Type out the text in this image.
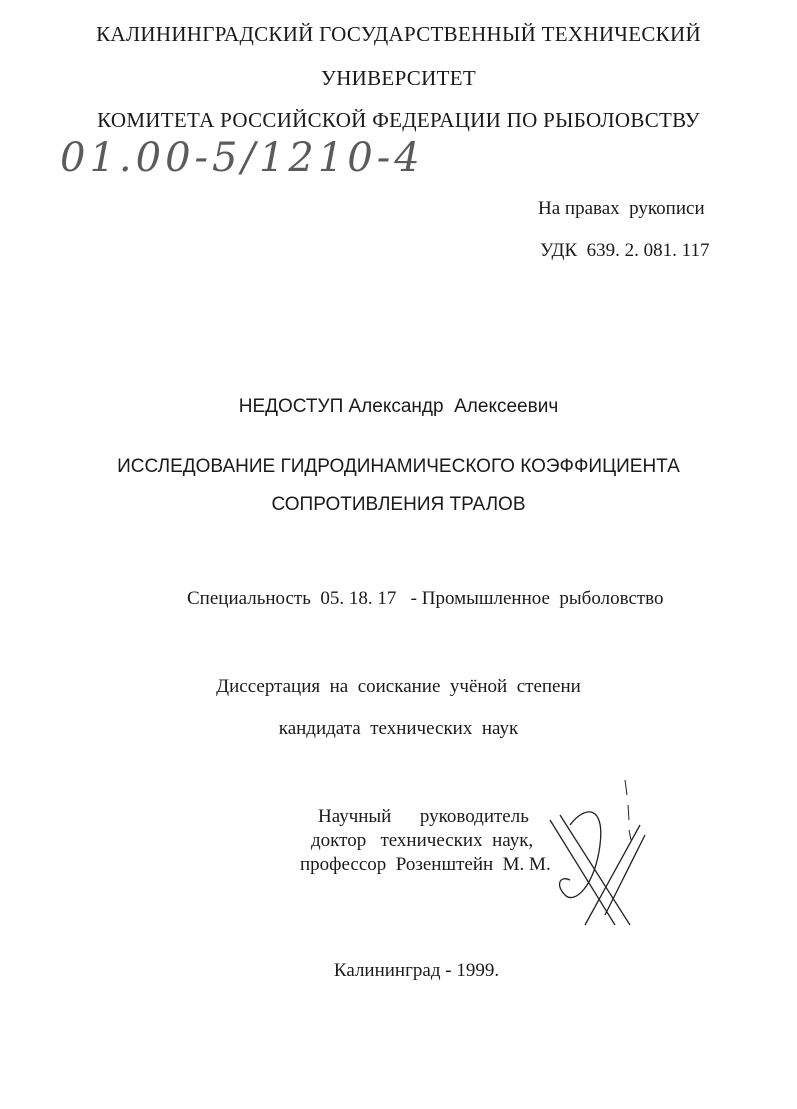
КАЛИНИНГРАДСКИЙ ГОСУДАРСТВЕННЫЙ ТЕХНИЧЕСКИЙ
УНИВЕРСИТЕТ
КОМИТЕТА РОССИЙСКОЙ ФЕДЕРАЦИИ ПО РЫБОЛОВСТВУ
01.00-5/1210-4
На правах  рукописи
УДК  639. 2. 081. 117
НЕДОСТУП Александр  Алексеевич
ИССЛЕДОВАНИЕ ГИДРОДИНАМИЧЕСКОГО КОЭФФИЦИЕНТА
СОПРОТИВЛЕНИЯ ТРАЛОВ
Специальность  05. 18. 17   - Промышленное  рыболовство
Диссертация  на  соискание  учёной  степени
кандидата  технических  наук
Научный      руководитель
доктор   технических  наук,
профессор  Розенштейн  М. М.
Калининград - 1999.
